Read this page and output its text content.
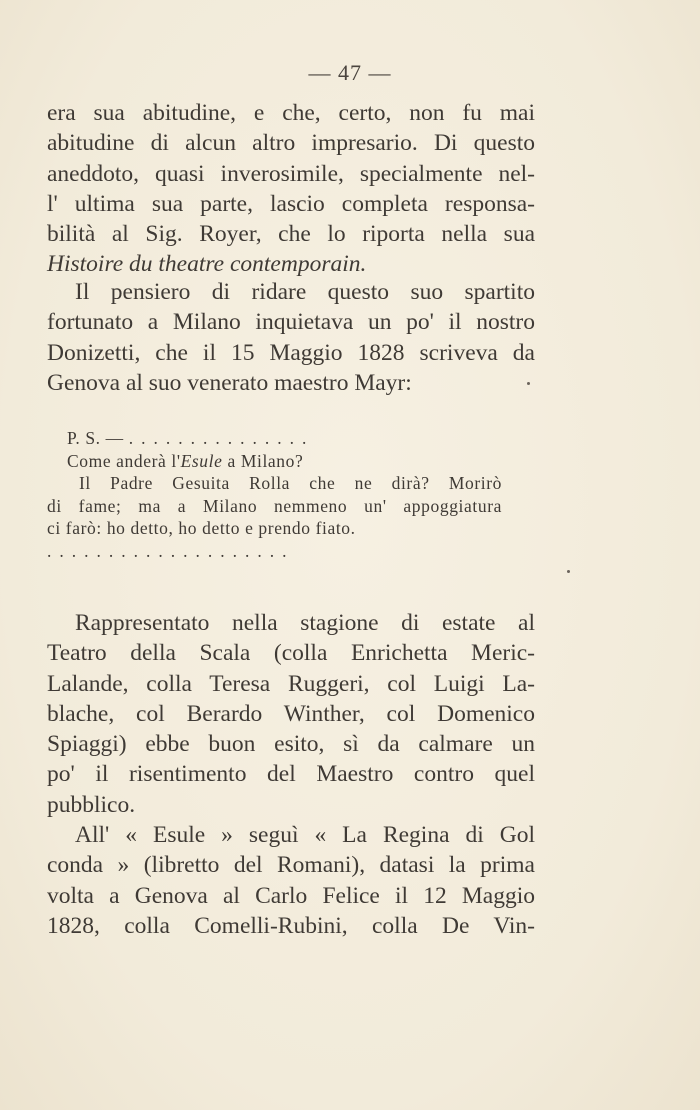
— 47 —
era sua abitudine, e che, certo, non fu mai
abitudine di alcun altro impresario. Di questo
aneddoto, quasi inverosimile, specialmente nel-
l' ultima sua parte, lascio completa responsa-
bilità al Sig. Royer, che lo riporta nella sua
Histoire du theatre contemporain.
Il pensiero di ridare questo suo spartito
fortunato a Milano inquietava un po' il nostro
Donizetti, che il 15 Maggio 1828 scriveva da
Genova al suo venerato maestro Mayr:
P. S. — ...............
Come anderà l'Esule a Milano?
Il Padre Gesuita Rolla che ne dirà? Morirò
di fame; ma a Milano nemmeno un' appoggiatura
ci farò: ho detto, ho detto e prendo fiato.
....................
Rappresentato nella stagione di estate al
Teatro della Scala (colla Enrichetta Meric-
Lalande, colla Teresa Ruggeri, col Luigi La-
blache, col Berardo Winther, col Domenico
Spiaggi) ebbe buon esito, sì da calmare un
po' il risentimento del Maestro contro quel
pubblico.
All' « Esule » seguì « La Regina di Gol
conda » (libretto del Romani), datasi la prima
volta a Genova al Carlo Felice il 12 Maggio
1828, colla Comelli-Rubini, colla De Vin-
